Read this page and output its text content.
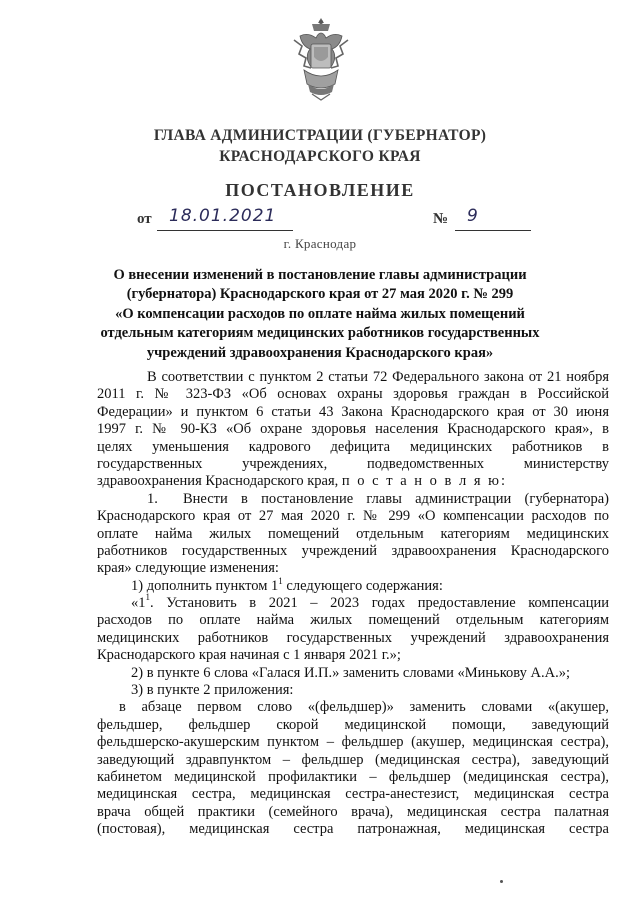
ГЛАВА АДМИНИСТРАЦИИ (ГУБЕРНАТОР)
КРАСНОДАРСКОГО КРАЯ
ПОСТАНОВЛЕНИЕ
от 18.01.2021	№ 9
г. Краснодар
О внесении изменений в постановление главы администрации
(губернатора) Краснодарского края от 27 мая 2020 г. № 299
«О компенсации расходов по оплате найма жилых помещений
отдельным категориям медицинских работников государственных
учреждений здравоохранения Краснодарского края»
В соответствии с пунктом 2 статьи 72 Федерального закона от 21 ноября
2011 г. № 323-ФЗ «Об основах охраны здоровья граждан в Российской
Федерации» и пунктом 6 статьи 43 Закона Краснодарского края от 30 июня
1997 г. № 90-КЗ «Об охране здоровья населения Краснодарского края», в
целях уменьшения кадрового дефицита медицинских работников в
государственных учреждениях, подведомственных министерству
здравоохранения Краснодарского края, п о с т а н о в л я ю:
1.	Внести в постановление главы администрации (губернатора)
Краснодарского края от 27 мая 2020 г. № 299 «О компенсации расходов по
оплате найма жилых помещений отдельным категориям медицинских
работников государственных учреждений здравоохранения Краснодарского
края» следующие изменения:
1) дополнить пунктом $1^1$ следующего содержания:
«1 1 . Установить в 2021 – 2023 годах предоставление компенсации
расходов по оплате найма жилых помещений отдельным категориям
медицинских работников государственных учреждений здравоохранения
Краснодарского края начиная с 1 января 2021 г.»;
2) в пункте 6 слова «Галася И.П.» заменить словами «Минькову А.А.»;
3) в пункте 2 приложения:
в абзаце первом слово «(фельдшер)» заменить словами «(акушер,
фельдшер, фельдшер скорой медицинской помощи, заведующий
фельдшерско-акушерским пунктом – фельдшер (акушер, медицинская сестра),
заведующий здравпунктом – фельдшер (медицинская сестра), заведующий
кабинетом медицинской профилактики – фельдшер (медицинская сестра),
медицинская сестра, медицинская сестра-анестезист, медицинская сестра
врача общей практики (семейного врача), медицинская сестра палатная
(постовая), медицинская сестра патронажная, медицинская сестра
